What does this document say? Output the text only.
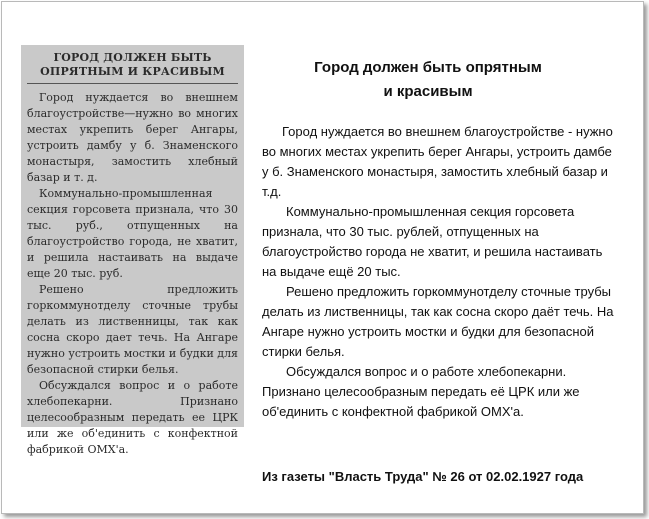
ГОРОД ДОЛЖЕН БЫТЬ ОПРЯТНЫМ И КРАСИВЫМ

Город нуждается во внешнем благоустройстве—нужно во многих местах укрепить берег Ангары, устроить дамбу у б. Знаменского монастыря, замостить хлебный базар и т. д.

Коммунально-промышленная секция горсовета признала, что 30 тыс. руб., отпущенных на благоустройство города, не хватит, и решила настаивать на выдаче еще 20 тыс. руб.

Решено предложить горкоммунотделу сточные трубы делать из лиственницы, так как сосна скоро дает течь. На Ангаре нужно устроить мостки и будки для безопасной стирки белья.

Обсуждался вопрос и о работе хлебопекарни. Признано целесообразным передать ее ЦРК или же об'единить с конфектной фабрикой ОМХ'а.

Город должен быть опрятным
и красивым

Город нуждается во внешнем благоустройстве - нужно во многих местах укрепить берег Ангары, устроить дамбе у б. Знаменского монастыря, замостить хлебный базар и т.д.

Коммунально-промышленная секция горсовета признала, что 30 тыс. рублей, отпущенных на благоустройство города не хватит, и решила настаивать на выдаче ещё 20 тыс.

Решено предложить горкоммунотделу сточные трубы делать из лиственницы, так как сосна скоро даёт течь. На Ангаре нужно устроить мостки и будки для безопасной стирки белья.

Обсуждался вопрос и о работе хлебопекарни. Признано целесообразным передать её ЦРК или же об'единить с конфектной фабрикой ОМХ'а.

Из газеты "Власть Труда" № 26 от 02.02.1927 года
